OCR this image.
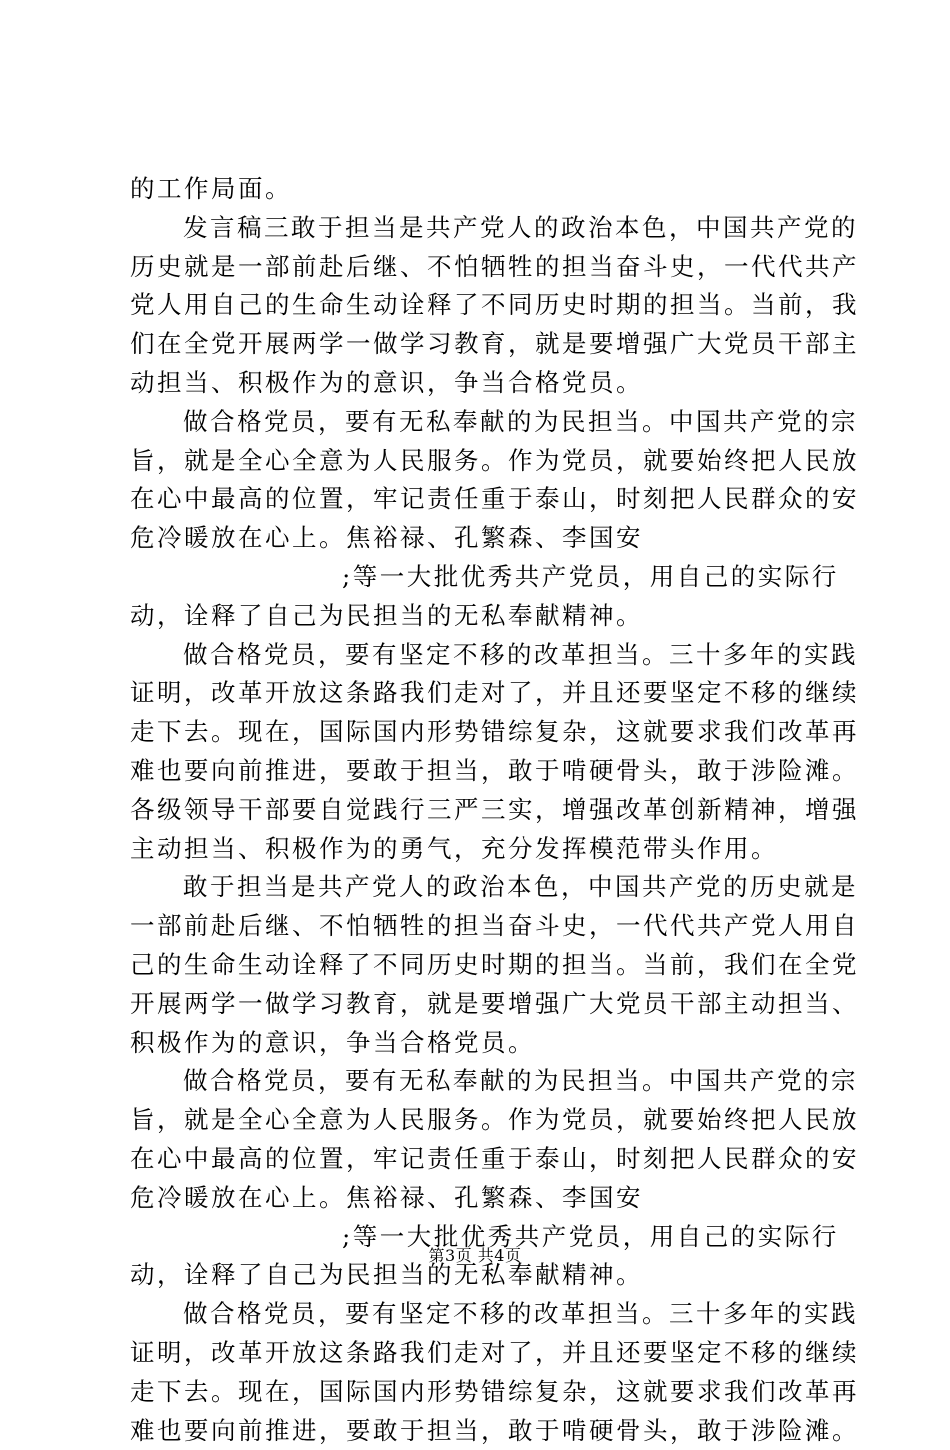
的工作局面。
发言稿三敢于担当是共产党人的政治本色，中国共产党的
历史就是一部前赴后继、不怕牺牲的担当奋斗史，一代代共产
党人用自己的生命生动诠释了不同历史时期的担当。当前，我
们在全党开展两学一做学习教育，就是要增强广大党员干部主
动担当、积极作为的意识，争当合格党员。
做合格党员，要有无私奉献的为民担当。中国共产党的宗
旨，就是全心全意为人民服务。作为党员，就要始终把人民放
在心中最高的位置，牢记责任重于泰山，时刻把人民群众的安
危冷暖放在心上。焦裕禄、孔繁森、李国安
;等一大批优秀共产党员，用自己的实际行
动，诠释了自己为民担当的无私奉献精神。
做合格党员，要有坚定不移的改革担当。三十多年的实践
证明，改革开放这条路我们走对了，并且还要坚定不移的继续
走下去。现在，国际国内形势错综复杂，这就要求我们改革再
难也要向前推进，要敢于担当，敢于啃硬骨头，敢于涉险滩。
各级领导干部要自觉践行三严三实，增强改革创新精神，增强
主动担当、积极作为的勇气，充分发挥模范带头作用。
敢于担当是共产党人的政治本色，中国共产党的历史就是
一部前赴后继、不怕牺牲的担当奋斗史，一代代共产党人用自
己的生命生动诠释了不同历史时期的担当。当前，我们在全党
开展两学一做学习教育，就是要增强广大党员干部主动担当、
积极作为的意识，争当合格党员。
做合格党员，要有无私奉献的为民担当。中国共产党的宗
旨，就是全心全意为人民服务。作为党员，就要始终把人民放
在心中最高的位置，牢记责任重于泰山，时刻把人民群众的安
危冷暖放在心上。焦裕禄、孔繁森、李国安
;等一大批优秀共产党员，用自己的实际行
动，诠释了自己为民担当的无私奉献精神。
做合格党员，要有坚定不移的改革担当。三十多年的实践
证明，改革开放这条路我们走对了，并且还要坚定不移的继续
走下去。现在，国际国内形势错综复杂，这就要求我们改革再
难也要向前推进，要敢于担当，敢于啃硬骨头，敢于涉险滩。
第3页 共4页
